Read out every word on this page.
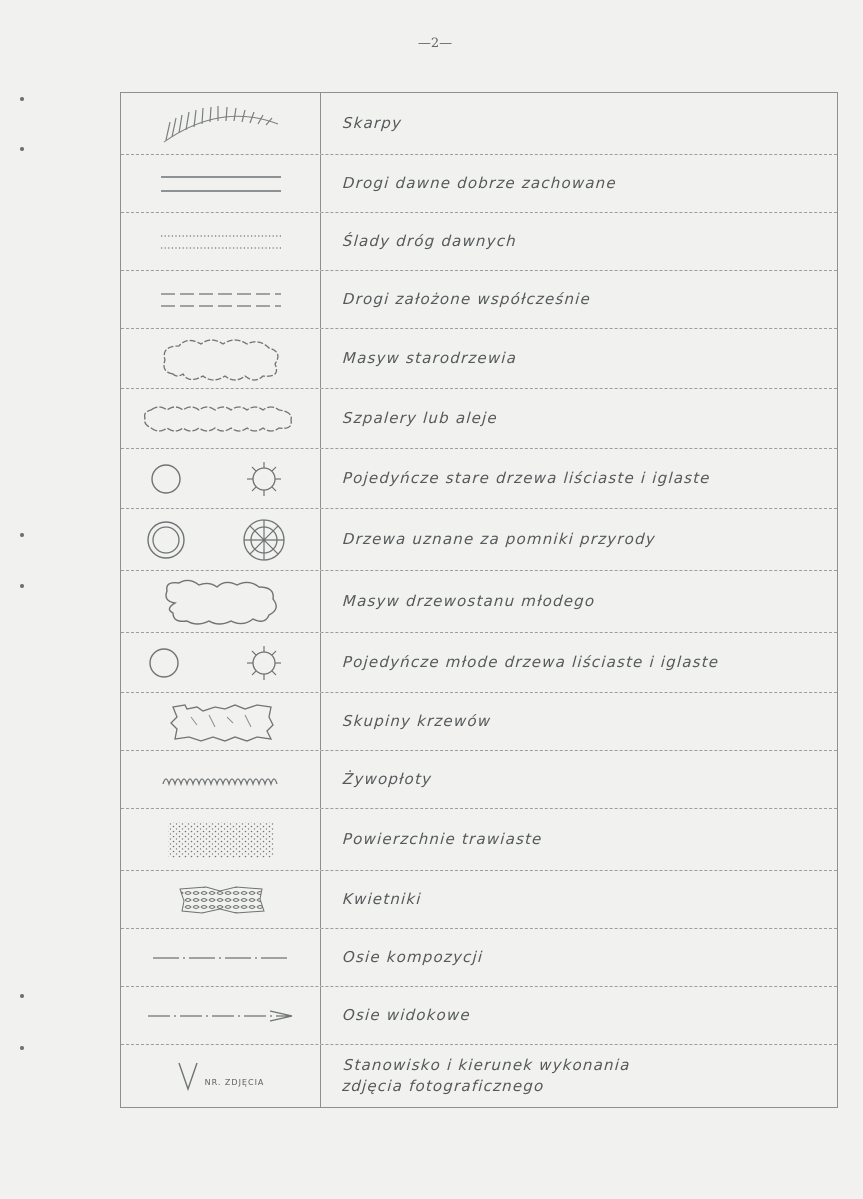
—2—
Skarpy
Drogi dawne dobrze zachowane
Ślady dróg dawnych
Drogi założone współcześnie
Masyw starodrzewia
Szpalery lub aleje
Pojedyńcze stare drzewa liściaste i iglaste
Drzewa uznane za pomniki przyrody
Masyw drzewostanu młodego
Pojedyńcze młode drzewa liściaste i iglaste
Skupiny krzewów
Żywopłoty
Powierzchnie trawiaste
Kwietniki
Osie kompozycji
Osie widokowe
NR. ZDJĘCIA
Stanowisko i kierunek wykonania
zdjęcia fotograficznego
